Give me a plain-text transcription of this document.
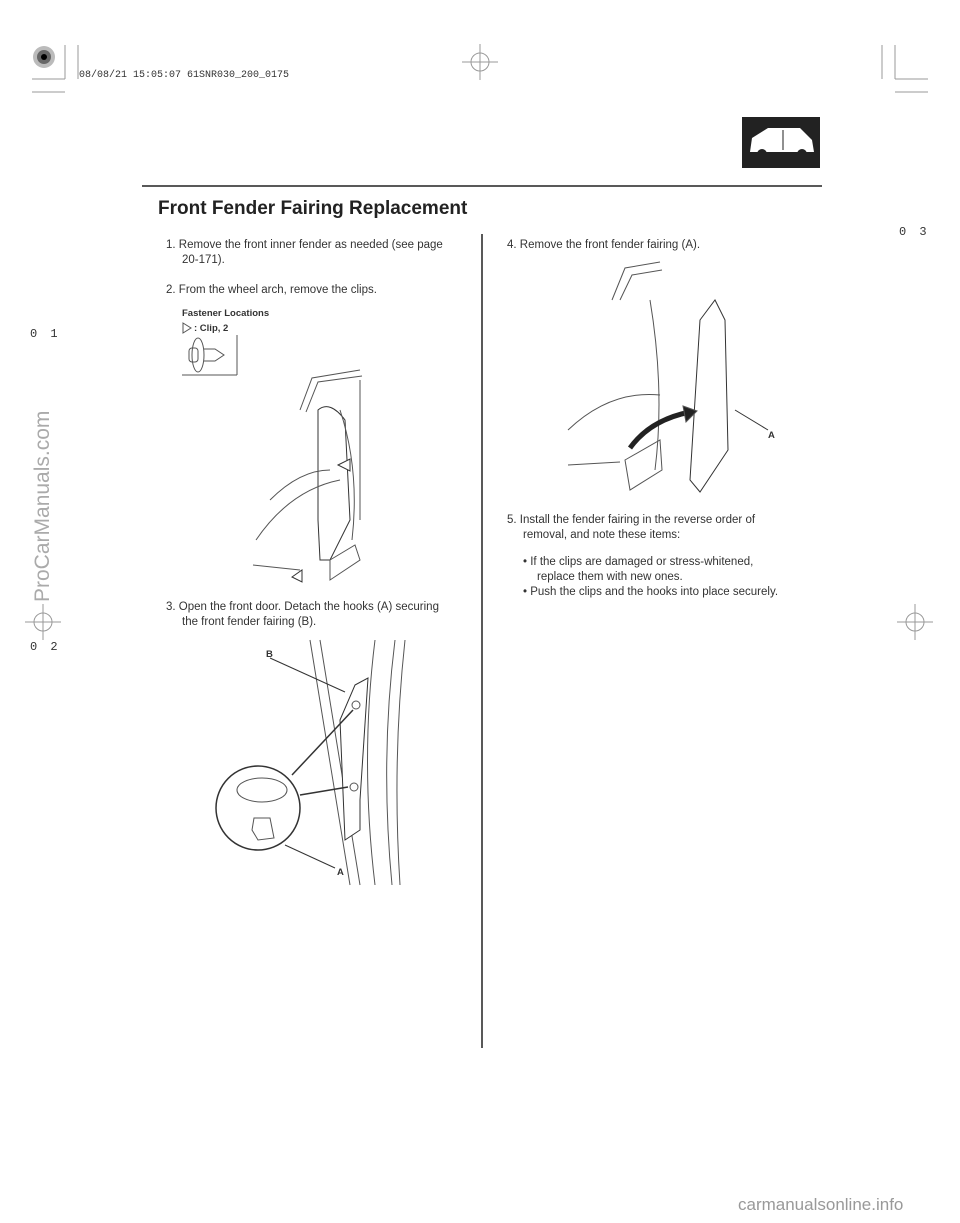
08/08/21 15:05:07 61SNR030_200_0175
Front Fender Fairing Replacement
0 1
0 2
0 3
1. Remove the front inner fender as needed (see page
20-171).
2. From the wheel arch, remove the clips.
Fastener Locations
: Clip, 2
3. Open the front door. Detach the hooks (A) securing
the front fender fairing (B).
B
A
4. Remove the front fender fairing (A).
A
5. Install the fender fairing in the reverse order of
removal, and note these items:
• If the clips are damaged or stress-whitened,
replace them with new ones.
• Push the clips and the hooks into place securely.
ProCarManuals.com
carmanualsonline.info
